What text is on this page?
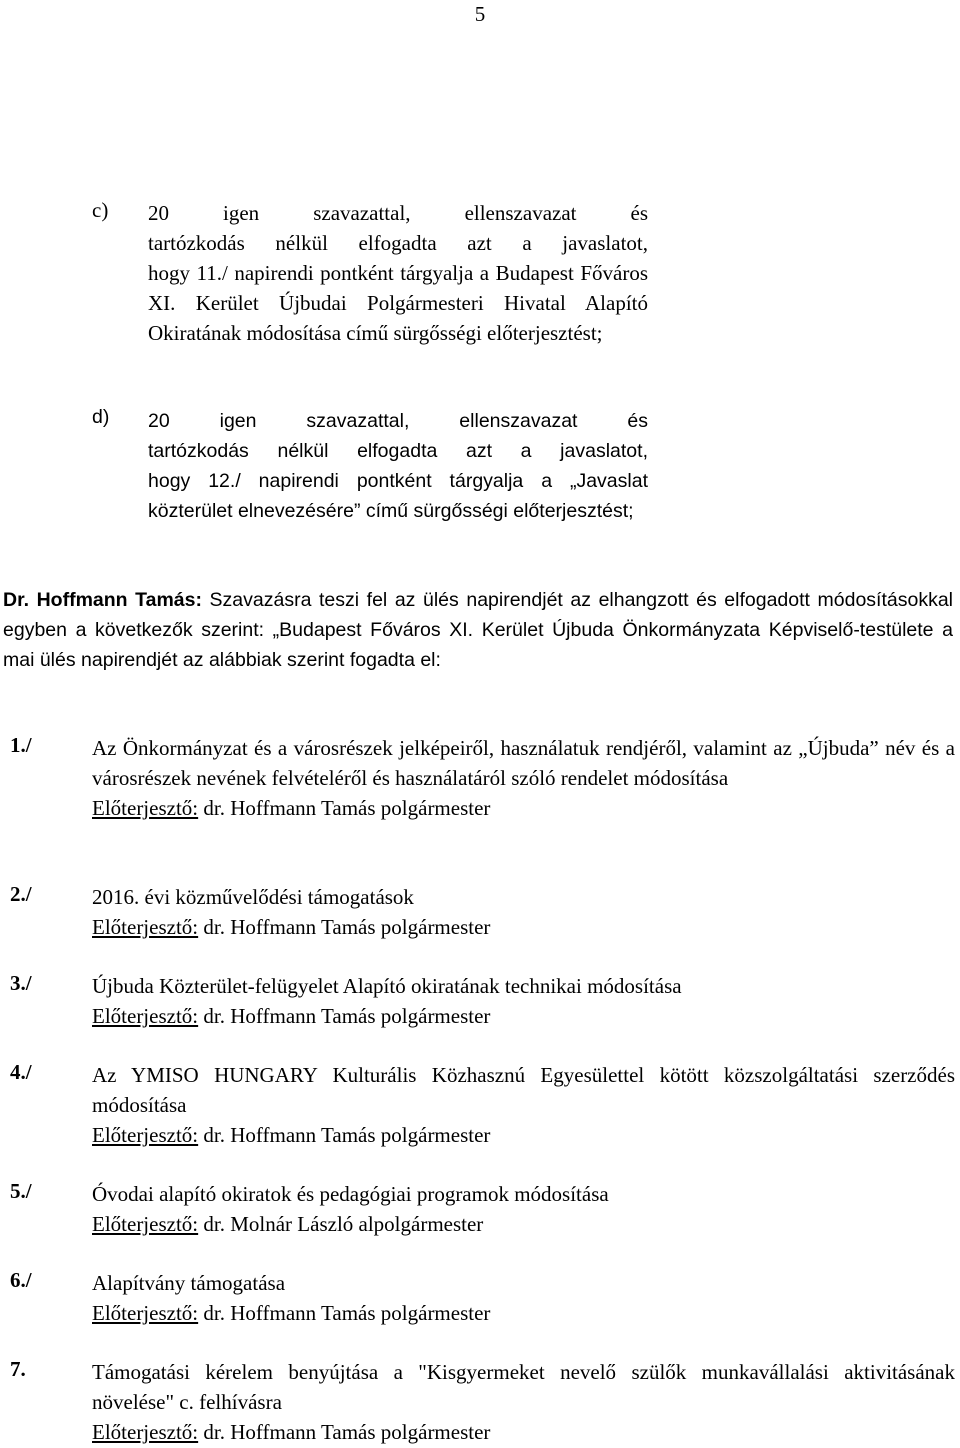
5
c) 20 igen szavazattal, ellenszavazat és
tartózkodás nélkül elfogadta azt a javaslatot,
hogy 11./ napirendi pontként tárgyalja a Budapest Főváros XI. Kerület Újbudai Polgármesteri Hivatal Alapító Okiratának módosítása című sürgősségi előterjesztést;
d) 20 igen szavazattal, ellenszavazat és
tartózkodás nélkül elfogadta azt a javaslatot,
hogy 12./ napirendi pontként tárgyalja a „Javaslat közterület elnevezésére” című sürgősségi előterjesztést;
Dr. Hoffmann Tamás: Szavazásra teszi fel az ülés napirendjét az elhangzott és elfogadott módosításokkal egyben a következők szerint: „Budapest Főváros XI. Kerület Újbuda Önkormányzata Képviselő-testülete a mai ülés napirendjét az alábbiak szerint fogadta el:
1./	Az Önkormányzat és a városrészek jelképeiről, használatuk rendjéről, valamint az „Újbuda” név és a városrészek nevének felvételéről és használatáról szóló rendelet módosítása
Előterjesztő: dr. Hoffmann Tamás polgármester
2./	2016. évi közművelődési támogatások
Előterjesztő: dr. Hoffmann Tamás polgármester
3./	Újbuda Közterület-felügyelet Alapító okiratának technikai módosítása
Előterjesztő: dr. Hoffmann Tamás polgármester
4./	Az YMISO HUNGARY Kulturális Közhasznú Egyesülettel kötött közszolgáltatási szerződés módosítása
Előterjesztő: dr. Hoffmann Tamás polgármester
5./	Óvodai alapító okiratok és pedagógiai programok módosítása
Előterjesztő: dr. Molnár László alpolgármester
6./	Alapítvány támogatása
Előterjesztő: dr. Hoffmann Tamás polgármester
7.	Támogatási kérelem benyújtása a "Kisgyermeket nevelő szülők munkavállalási aktivitásának növelése" c. felhívásra
Előterjesztő: dr. Hoffmann Tamás polgármester
